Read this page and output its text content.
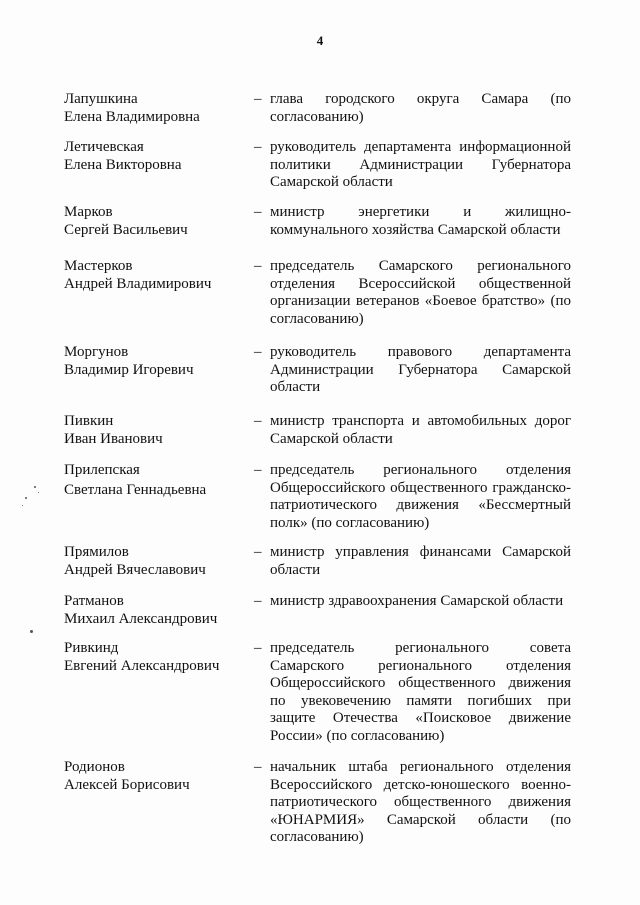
4
Лапушкина
Елена Владимировна
– глава городского округа Самара (по согласованию)
Летичевская
Елена Викторовна
– руководитель департамента информационной политики Администрации Губернатора Самарской области
Марков
Сергей Васильевич
– министр энергетики и жилищно-коммунального хозяйства Самарской области
Мастерков
Андрей Владимирович
– председатель Самарского регионального отделения Всероссийской общественной организации ветеранов «Боевое братство» (по согласованию)
Моргунов
Владимир Игоревич
– руководитель правового департамента Администрации Губернатора Самарской области
Пивкин
Иван Иванович
– министр транспорта и автомобильных дорог Самарской области
Прилепская
Светлана Геннадьевна
– председатель регионального отделения Общероссийского общественного гражданско-патриотического движения «Бессмертный полк» (по согласованию)
Прямилов
Андрей Вячеславович
– министр управления финансами Самарской области
Ратманов
Михаил Александрович
– министр здравоохранения Самарской области
Ривкинд
Евгений Александрович
– председатель регионального совета Самарского регионального отделения Общероссийского общественного движения по увековечению памяти погибших при защите Отечества «Поисковое движение России» (по согласованию)
Родионов
Алексей Борисович
– начальник штаба регионального отделения Всероссийского детско-юношеского военно-патриотического общественного движения «ЮНАРМИЯ» Самарской области (по согласованию)
